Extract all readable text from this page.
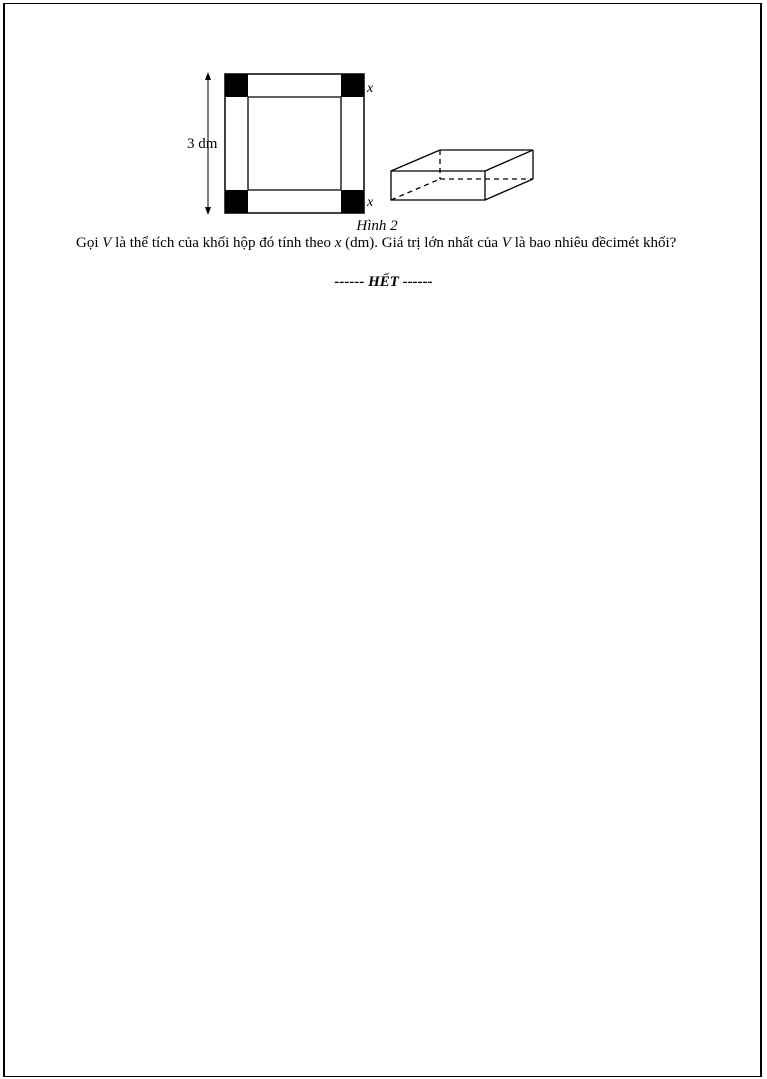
3 dm
x
x
Hình 2
Gọi V là thể tích của khối hộp đó tính theo x (dm). Giá trị lớn nhất của V là bao nhiêu đềcimét khối?
------ HẾT ------
